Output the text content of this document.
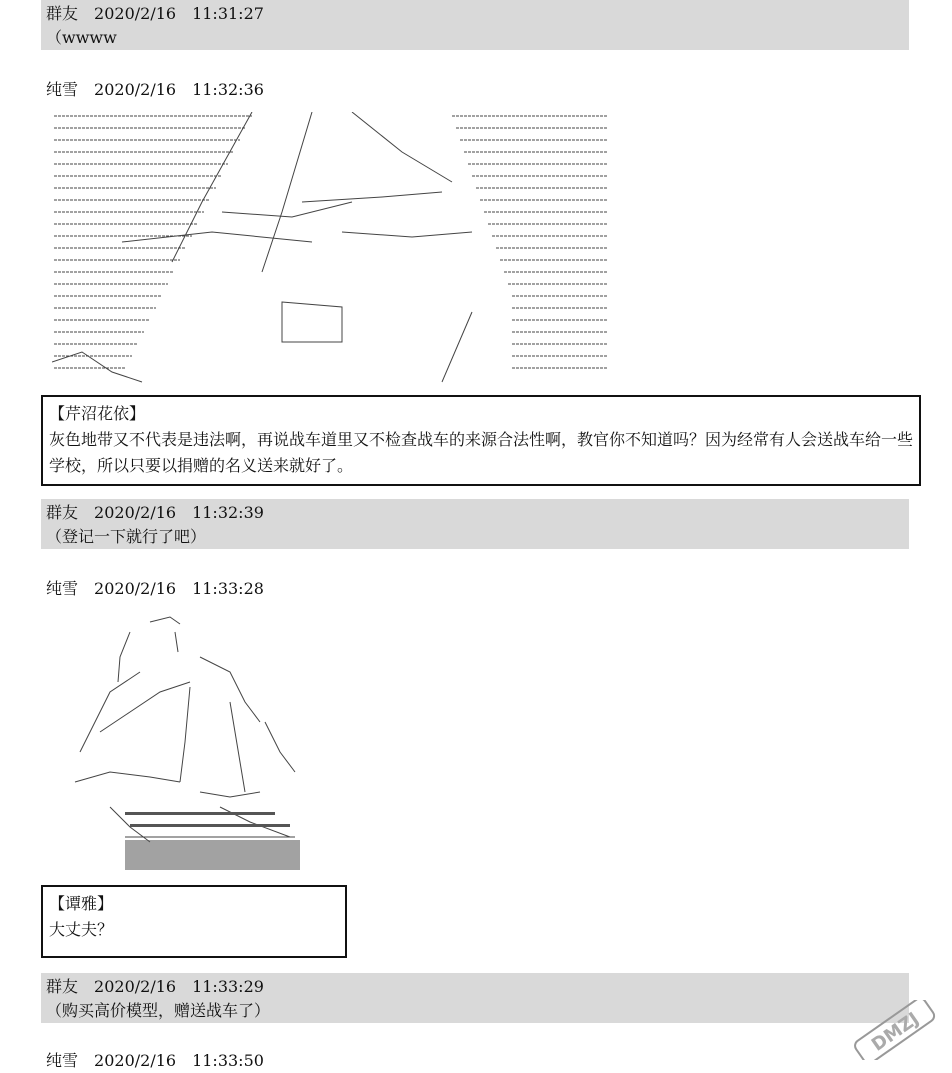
群友　 2020/2/16　11:31:27
（wwww
纯雪　 2020/2/16　11:32:36
【芹沼花依】
灰色地带又不代表是违法啊，再说战车道里又不检查战车的来源合法性啊，教官你不知道吗？因为经常有人会送战车给一些学校，所以只要以捐赠的名义送来就好了。
群友　 2020/2/16　11:32:39
（登记一下就行了吧）
纯雪　 2020/2/16　11:33:28
【谭雅】
大丈夫？
群友　 2020/2/16　11:33:29
（购买高价模型，赠送战车了）
纯雪　 2020/2/16　11:33:50
DMZJ
